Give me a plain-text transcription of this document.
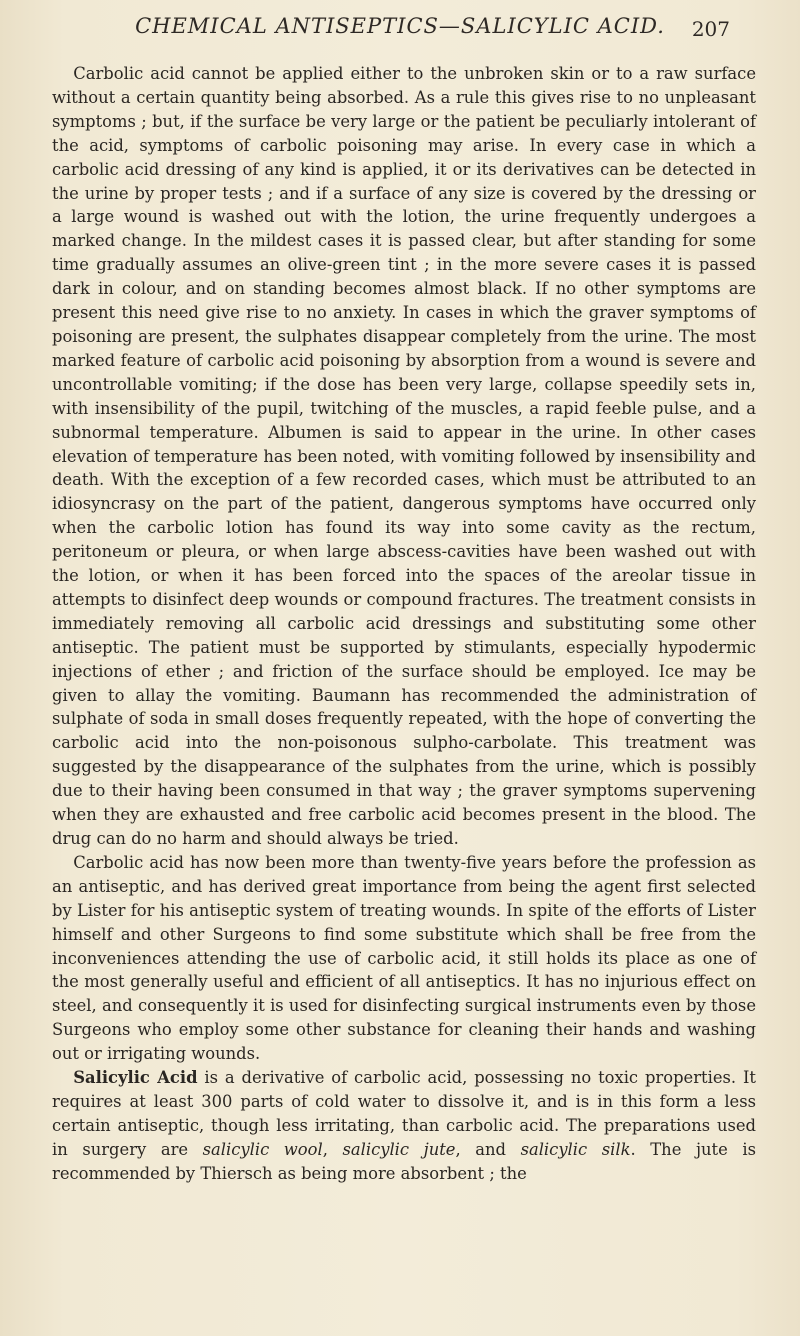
CHEMICAL ANTISEPTICS—SALICYLIC ACID.	207

Carbolic acid cannot be applied either to the unbroken skin or to a raw surface without a certain quantity being absorbed. As a rule this gives rise to no unpleasant symptoms ; but, if the surface be very large or the patient be peculiarly intolerant of the acid, symptoms of carbolic poisoning may arise. In every case in which a carbolic acid dressing of any kind is applied, it or its derivatives can be detected in the urine by proper tests ; and if a surface of any size is covered by the dressing or a large wound is washed out with the lotion, the urine frequently undergoes a marked change. In the mildest cases it is passed clear, but after standing for some time gradually assumes an olive-green tint ; in the more severe cases it is passed dark in colour, and on standing becomes almost black. If no other symptoms are present this need give rise to no anxiety. In cases in which the graver symptoms of poisoning are present, the sulphates disappear completely from the urine. The most marked feature of carbolic acid poisoning by absorption from a wound is severe and uncontrollable vomiting; if the dose has been very large, collapse speedily sets in, with insensibility of the pupil, twitching of the muscles, a rapid feeble pulse, and a subnormal temperature. Albumen is said to appear in the urine. In other cases elevation of temperature has been noted, with vomiting followed by insensibility and death. With the exception of a few recorded cases, which must be attributed to an idiosyncrasy on the part of the patient, dangerous symptoms have occurred only when the carbolic lotion has found its way into some cavity as the rectum, peritoneum or pleura, or when large abscess-cavities have been washed out with the lotion, or when it has been forced into the spaces of the areolar tissue in attempts to disinfect deep wounds or compound fractures. The treatment consists in immediately removing all carbolic acid dressings and substituting some other antiseptic. The patient must be supported by stimulants, especially hypodermic injections of ether ; and friction of the surface should be employed. Ice may be given to allay the vomiting. Baumann has recommended the administration of sulphate of soda in small doses frequently repeated, with the hope of converting the carbolic acid into the non-poisonous sulpho-carbolate. This treatment was suggested by the disappearance of the sulphates from the urine, which is possibly due to their having been consumed in that way ; the graver symptoms supervening when they are exhausted and free carbolic acid becomes present in the blood. The drug can do no harm and should always be tried.

Carbolic acid has now been more than twenty-five years before the profession as an antiseptic, and has derived great importance from being the agent first selected by Lister for his antiseptic system of treating wounds. In spite of the efforts of Lister himself and other Surgeons to find some substitute which shall be free from the inconveniences attending the use of carbolic acid, it still holds its place as one of the most generally useful and efficient of all antiseptics. It has no injurious effect on steel, and consequently it is used for disinfecting surgical instruments even by those Surgeons who employ some other substance for cleaning their hands and washing out or irrigating wounds.

Salicylic Acid is a derivative of carbolic acid, possessing no toxic properties. It requires at least 300 parts of cold water to dissolve it, and is in this form a less certain antiseptic, though less irritating, than carbolic acid. The preparations used in surgery are salicylic wool, salicylic jute, and salicylic silk. The jute is recommended by Thiersch as being more absorbent ; the
